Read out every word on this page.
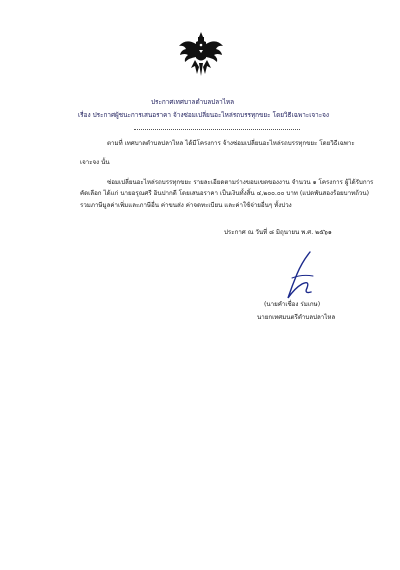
ประกาศเทศบาลตำบลปลาไหล
เรื่อง ประกาศผู้ชนะการเสนอราคา จ้างซ่อมเปลี่ยนอะไหล่รถบรรทุกขยะ โดยวิธีเฉพาะเจาะจง
ตามที่ เทศบาลตำบลปลาไหล ได้มีโครงการ จ้างซ่อมเปลี่ยนอะไหล่รถบรรทุกขยะ โดยวิธีเฉพาะ
เจาะจง นั้น
ซ่อมเปลี่ยนอะไหล่รถบรรทุกขยะ รายละเอียดตามร่างขอบเขตของงาน จำนวน ๑ โครงการ ผู้ได้รับการ
คัดเลือก ได้แก่ นายอรุณศรี อินปากดี โดยเสนอราคา เป็นเงินทั้งสิ้น ๔,๒๐๐.๐๐ บาท (แปดพันสองร้อยบาทถ้วน)
รวมภาษีมูลค่าเพิ่มและภาษีอื่น ค่าขนส่ง ค่าจดทะเบียน และค่าใช้จ่ายอื่นๆ ทั้งปวง
ประกาศ ณ วันที่ ๘ มิถุนายน พ.ศ. ๒๕๖๑
(นายคำเชื่อง ร่มเกษ)
นายกเทศมนตรีตำบลปลาไหล
